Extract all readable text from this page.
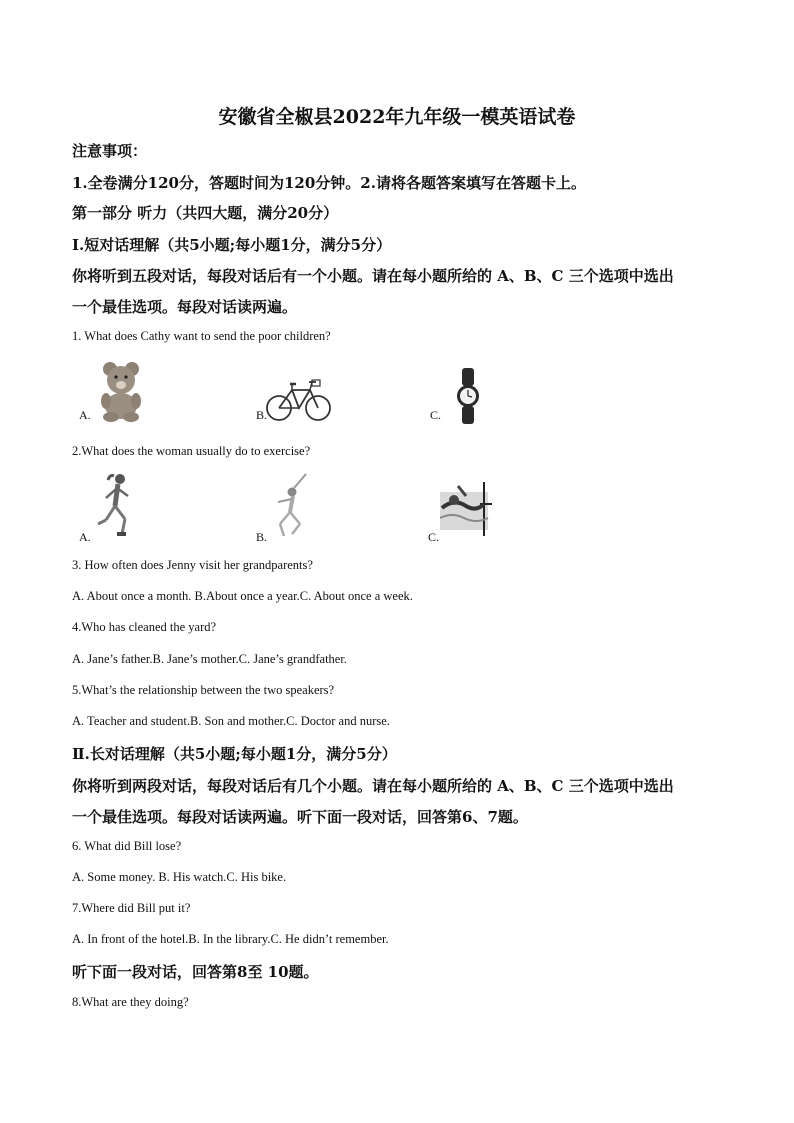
安徽省全椒县2022年九年级一模英语试卷
注意事项：
1.全卷满分120分，答题时间为120分钟。2.请将各题答案填写在答题卡上。
第一部分 听力（共四大题，满分20分）
Ⅰ.短对话理解（共5小题;每小题1分，满分5分）
你将听到五段对话，每段对话后有一个小题。请在每小题所给的 A、B、C 三个选项中选出
一个最佳选项。每段对话读两遍。
1. What does Cathy want to send the poor children?
A.	B.	C.
2.What does the woman usually do to exercise?
A.	B.	C.
3. How often does Jenny visit her grandparents?
A. About once a month. B.About once a year.C. About once a week.
4.Who has cleaned the yard?
A. Jane’s father.B. Jane’s mother.C. Jane’s grandfather.
5.What’s the relationship between the two speakers?
A. Teacher and student.B. Son and mother.C. Doctor and nurse.
Ⅱ.长对话理解（共5小题;每小题1分，满分5分）
你将听到两段对话，每段对话后有几个小题。请在每小题所给的 A、B、C 三个选项中选出
一个最佳选项。每段对话读两遍。听下面一段对话，回答第6、7题。
6. What did Bill lose?
A. Some money. B. His watch.C. His bike.
7.Where did Bill put it?
A. In front of the hotel.B. In the library.C. He didn’t remember.
听下面一段对话，回答第8至 10题。
8.What are they doing?
